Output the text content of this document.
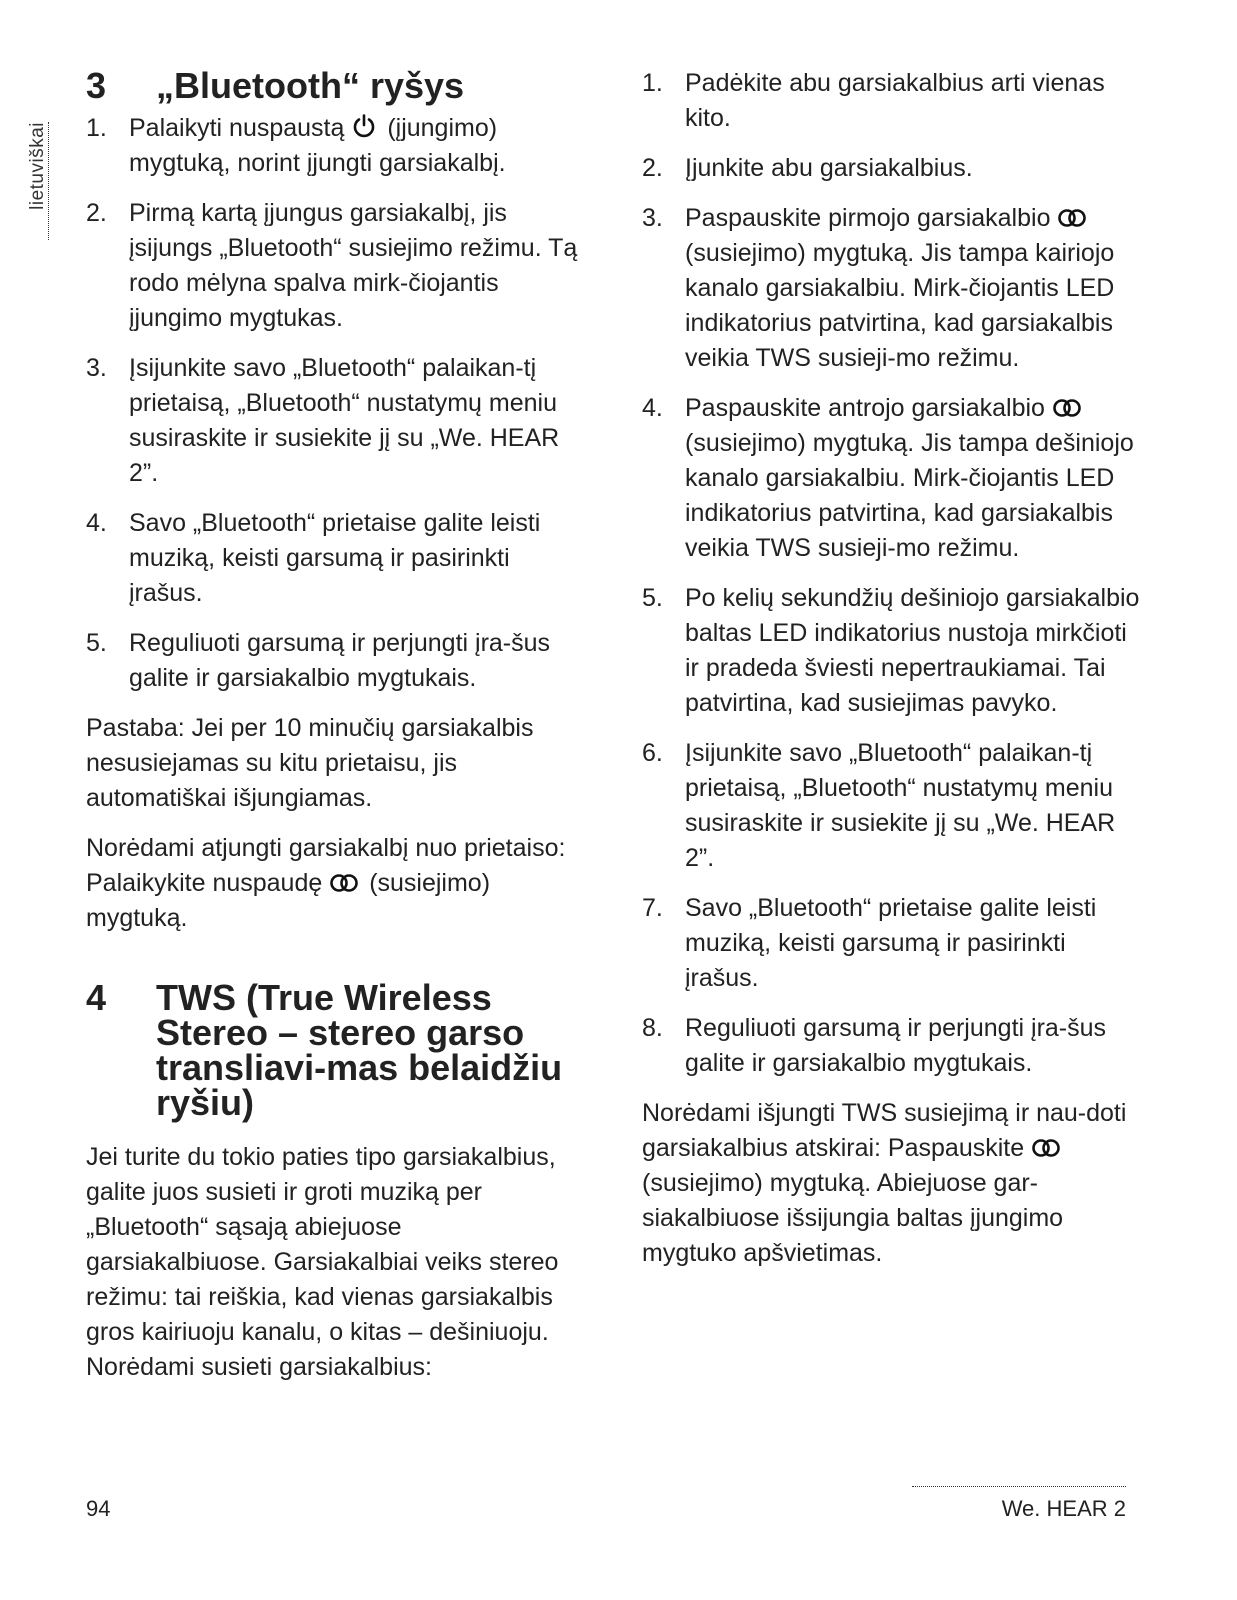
lietuviškai
3	„Bluetooth“ ryšys
1. Palaikyti nuspaustą (įjungimo) mygtuką, norint įjungti garsiakalbį.
2. Pirmą kartą įjungus garsiakalbį, jis įsijungs „Bluetooth“ susiejimo režimu. Tą rodo mėlyna spalva mirk-čiojantis įjungimo mygtukas.
3. Įsijunkite savo „Bluetooth“ palaikan-tį prietaisą, „Bluetooth“ nustatymų meniu susiraskite ir susiekite jį su „We. HEAR 2”.
4. Savo „Bluetooth“ prietaise galite leisti muziką, keisti garsumą ir pasirinkti įrašus.
5. Reguliuoti garsumą ir perjungti įra-šus galite ir garsiakalbio mygtukais.

Pastaba: Jei per 10 minučių garsiakalbis nesusiejamas su kitu prietaisu, jis automatiškai išjungiamas.

Norėdami atjungti garsiakalbį nuo prietaiso: Palaikykite nuspaudę (susiejimo) mygtuką.

4	TWS (True Wireless Stereo – stereo garso transliavi-mas belaidžiu ryšiu)

Jei turite du tokio paties tipo garsiakalbius, galite juos susieti ir groti muziką per „Bluetooth“ sąsają abiejuose garsiakalbiuose. Garsiakalbiai veiks stereo režimu: tai reiškia, kad vienas garsiakalbis gros kairiuoju kanalu, o kitas – dešiniuoju. Norėdami susieti garsiakalbius:

1. Padėkite abu garsiakalbius arti vienas kito.
2. Įjunkite abu garsiakalbius.
3. Paspauskite pirmojo garsiakalbio  (susiejimo) mygtuką. Jis tampa kairiojo kanalo garsiakalbiu. Mirk-čiojantis LED indikatorius patvirtina, kad garsiakalbis veikia TWS susieji-mo režimu.
4. Paspauskite antrojo garsiakalbio  (susiejimo) mygtuką. Jis tampa dešiniojo kanalo garsiakalbiu. Mirk-čiojantis LED indikatorius patvirtina, kad garsiakalbis veikia TWS susieji-mo režimu.
5. Po kelių sekundžių dešiniojo garsiakalbio baltas LED indikatorius nustoja mirkčioti ir pradeda šviesti nepertraukiamai. Tai patvirtina, kad susiejimas pavyko.
6. Įsijunkite savo „Bluetooth“ palaikan-tį prietaisą, „Bluetooth“ nustatymų meniu susiraskite ir susiekite jį su „We. HEAR 2”.
7. Savo „Bluetooth“ prietaise galite leisti muziką, keisti garsumą ir pasirinkti įrašus.
8. Reguliuoti garsumą ir perjungti įra-šus galite ir garsiakalbio mygtukais.

Norėdami išjungti TWS susiejimą ir nau-doti garsiakalbius atskirai: Paspauskite  (susiejimo) mygtuką. Abiejuose gar-siakalbiuose išsijungia baltas įjungimo mygtuko apšvietimas.

94	We. HEAR 2
